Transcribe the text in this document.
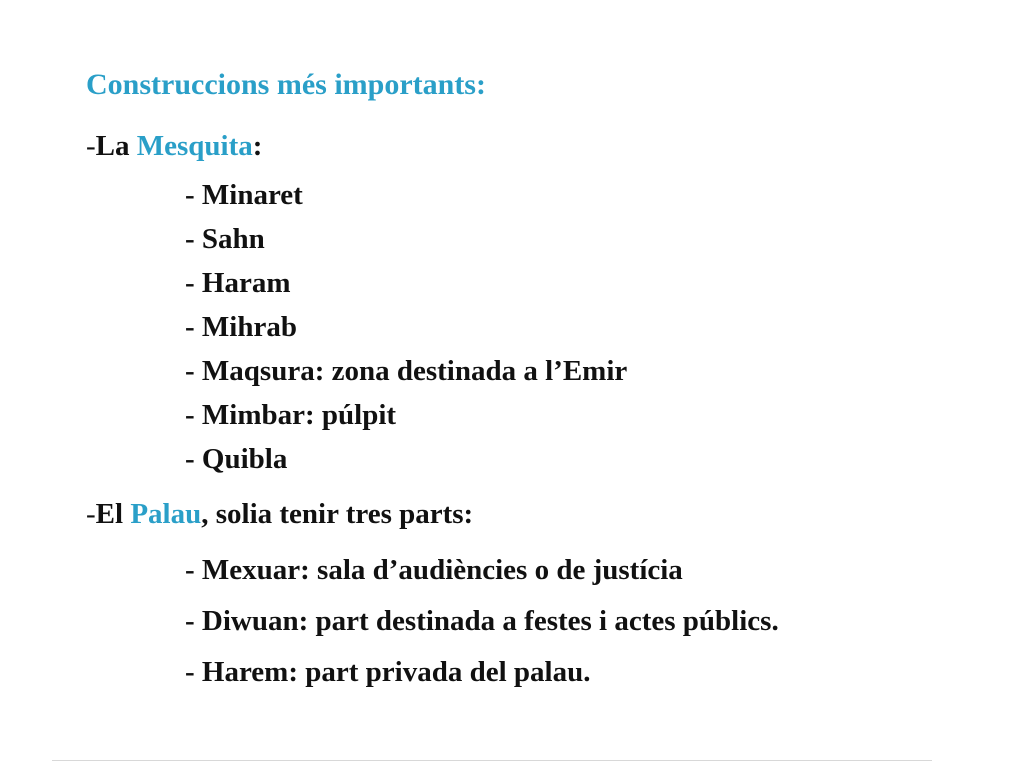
Construccions més importants:
-La Mesquita:
- Minaret
- Sahn
- Haram
- Mihrab
- Maqsura: zona destinada a l’Emir
- Mimbar: púlpit
- Quibla
-El Palau, solia tenir tres parts:
- Mexuar: sala d’audiències o de justícia
- Diwuan: part destinada a festes i actes públics.
- Harem: part privada del palau.
